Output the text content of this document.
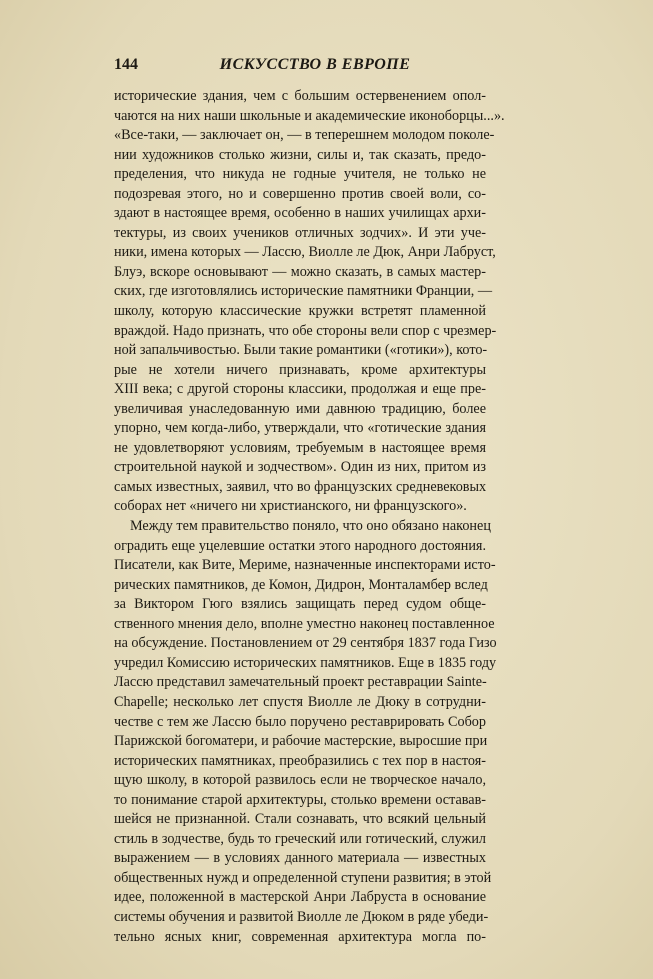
144	ИСКУССТВО В ЕВРОПЕ
исторические здания, чем с большим остервенением опол-
чаются на них наши школьные и академические иконоборцы...».
«Все-таки, — заключает он, — в теперешнем молодом поколе-
нии художников столько жизни, силы и, так сказать, предо-
пределения, что никуда не годные учителя, не только не
подозревая этого, но и совершенно против своей воли, со-
здают в настоящее время, особенно в наших училищах архи-
тектуры, из своих учеников отличных зодчих». И эти уче-
ники, имена которых — Лассю, Виолле ле Дюк, Анри Лабруст,
Блуэ, вскоре основывают — можно сказать, в самых мастер-
ских, где изготовлялись исторические памятники Франции, —
школу, которую классические кружки встретят пламенной
враждой. Надо признать, что обе стороны вели спор с чрезмер-
ной запальчивостью. Были такие романтики («готики»), кото-
рые не хотели ничего признавать, кроме архитектуры
XIII века; с другой стороны классики, продолжая и еще пре-
увеличивая унаследованную ими давнюю традицию, более
упорно, чем когда-либо, утверждали, что «готические здания
не удовлетворяют условиям, требуемым в настоящее время
строительной наукой и зодчеством». Один из них, притом из
самых известных, заявил, что во французских средневековых
соборах нет «ничего ни христианского, ни французского».
Между тем правительство поняло, что оно обязано наконец
оградить еще уцелевшие остатки этого народного достояния.
Писатели, как Вите, Мериме, назначенные инспекторами исто-
рических памятников, де Комон, Дидрон, Монталамбер вслед
за Виктором Гюго взялись защищать перед судом обще-
ственного мнения дело, вполне уместно наконец поставленное
на обсуждение. Постановлением от 29 сентября 1837 года Гизо
учредил Комиссию исторических памятников. Еще в 1835 году
Лассю представил замечательный проект реставрации Sainte-
Chapelle; несколько лет спустя Виолле ле Дюку в сотрудни-
честве с тем же Лассю было поручено реставрировать Собор
Парижской богоматери, и рабочие мастерские, выросшие при
исторических памятниках, преобразились с тех пор в настоя-
щую школу, в которой развилось если не творческое начало,
то понимание старой архитектуры, столько времени оставав-
шейся не признанной. Стали сознавать, что всякий цельный
стиль в зодчестве, будь то греческий или готический, служил
выражением — в условиях данного материала — известных
общественных нужд и определенной ступени развития; в этой
идее, положенной в мастерской Анри Лабруста в основание
системы обучения и развитой Виолле ле Дюком в ряде убеди-
тельно ясных книг, современная архитектура могла по-
